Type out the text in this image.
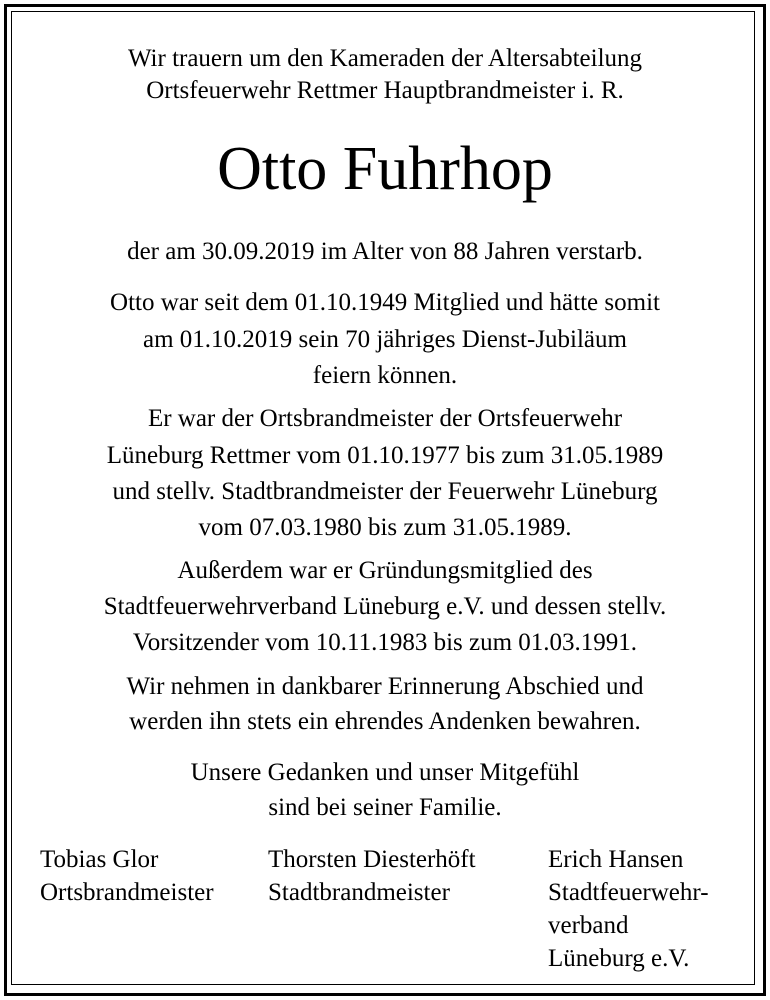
Wir trauern um den Kameraden der Altersabteilung
Ortsfeuerwehr Rettmer Hauptbrandmeister i. R.
Otto Fuhrhop
der am 30.09.2019 im Alter von 88 Jahren verstarb.
Otto war seit dem 01.10.1949 Mitglied und hätte somit
am 01.10.2019 sein 70 jähriges Dienst-Jubiläum
feiern können.
Er war der Ortsbrandmeister der Ortsfeuerwehr
Lüneburg Rettmer vom 01.10.1977 bis zum 31.05.1989
und stellv. Stadtbrandmeister der Feuerwehr Lüneburg
vom 07.03.1980 bis zum 31.05.1989.
Außerdem war er Gründungsmitglied des
Stadtfeuerwehrverband Lüneburg e.V. und dessen stellv.
Vorsitzender vom 10.11.1983 bis zum 01.03.1991.
Wir nehmen in dankbarer Erinnerung Abschied und
werden ihn stets ein ehrendes Andenken bewahren.
Unsere Gedanken und unser Mitgefühl
sind bei seiner Familie.
Tobias Glor
Ortsbrandmeister
Thorsten Diesterhöft
Stadtbrandmeister
Erich Hansen
Stadtfeuerwehr-
verband
Lüneburg e.V.
